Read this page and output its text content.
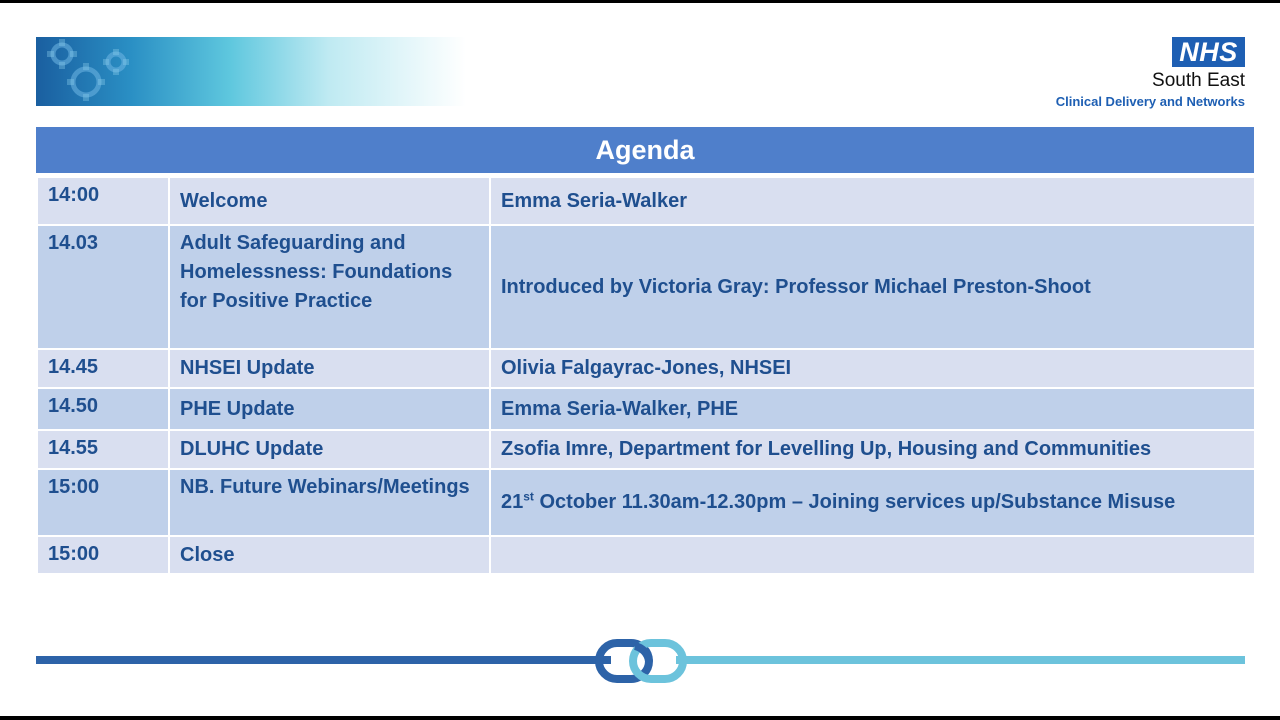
NHS
South East
Clinical Delivery and Networks
Agenda
14:00	Welcome	Emma Seria-Walker
14.03	Adult Safeguarding and Homelessness: Foundations for Positive Practice	Introduced by Victoria Gray: Professor Michael Preston-Shoot
14.45	NHSEI Update	Olivia Falgayrac-Jones, NHSEI
14.50	PHE Update	Emma Seria-Walker, PHE
14.55	DLUHC Update	Zsofia Imre, Department for Levelling Up, Housing and Communities
15:00	NB. Future Webinars/Meetings	21st October 11.30am-12.30pm – Joining services up/Substance Misuse
15:00	Close	
